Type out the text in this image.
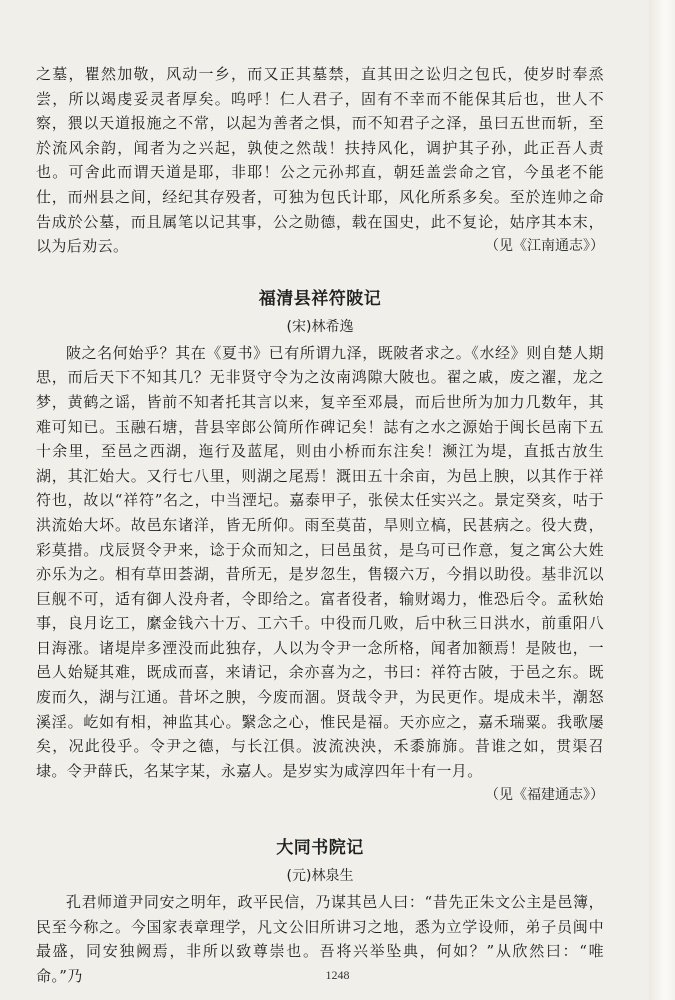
之墓，瞿然加敬，风动一乡，而又正其墓禁，直其田之讼归之包氏，使岁时奉烝尝，所以竭虔妥灵者厚矣。呜呼！仁人君子，固有不幸而不能保其后也，世人不察，猥以天道报施之不常，以起为善者之惧，而不知君子之泽，虽曰五世而斩，至於流风余韵，闻者为之兴起，孰使之然哉！扶持风化，调护其子孙，此正吾人责也。可舍此而谓天道是耶，非耶！公之元孙邦直，朝廷盖尝命之官，今虽老不能仕，而州县之间，经纪其存殁者，可独为包氏计耶，风化所系多矣。至於连帅之命告成於公墓，而且属笔以记其事，公之勋德，载在国史，此不复论，姑序其本末，以为后劝云。	（见《江南通志》）

福清县祥符陂记
(宋)林希逸

陂之名何始乎？其在《夏书》已有所谓九泽，既陂者求之。《水经》则自楚人期思，而后天下不知其几？无非贤守令为之汝南鸿隙大陂也。翟之戚，废之濯，龙之梦，黄鹤之谣，皆前不知者托其言以来，复辛至邓晨，而后世所为加力几数年，其难可知已。玉融石塘，昔县宰郎公简所作碑记矣！誌有之水之源始于闽长邑南下五十余里，至邑之西湖，迤行及蓝尾，则由小桥而东注矣！濒江为堤，直抵古放生湖，其汇始大。又行七八里，则湖之尾焉！溉田五十余亩，为邑上腴，以其作于祥符也，故以“祥符”名之，中当湮圮。嘉泰甲子，张侯太任实兴之。景定癸亥，咕于洪流始大坏。故邑东诸洋，皆无所仰。雨至莫苗，旱则立槁，民甚病之。役大费，彩莫措。戊辰贤令尹来，谂于众而知之，曰邑虽贫，是乌可已作意，复之寓公大姓亦乐为之。相有草田荟湖，昔所无，是岁忽生，售辍六万，今捐以助役。基非沉以巨舰不可，适有御人没舟者，令即给之。富者役者，输财竭力，惟恐后令。孟秋始事，良月讫工，縻金钱六十万、工六千。中役而几败，后中秋三日洪水，前重阳八日海涨。诸堤岸多湮没而此独存，人以为令尹一念所格，闻者加额焉！是陂也，一邑人始疑其难，既成而喜，来请记，余亦喜为之，书曰：祥符古陂，于邑之东。既废而久，湖与江通。昔坏之腴，今废而涸。贤哉令尹，为民更作。堤成未半，潮怒溪淫。屹如有相，神监其心。繄念之心，惟民是福。天亦应之，嘉禾瑞粟。我歌屡矣，况此役乎。令尹之德，与长江俱。波流泱泱，禾黍旆旆。昔谁之如，贯渠召埭。令尹薛氏，名某字某，永嘉人。是岁实为咸淳四年十有一月。

（见《福建通志》）

大同书院记
(元)林泉生

孔君师道尹同安之明年，政平民信，乃谋其邑人曰：“昔先正朱文公主是邑簿，民至今称之。今国家表章理学，凡文公旧所讲习之地，悉为立学设师，弟子员闽中最盛，同安独阙焉，非所以致尊崇也。吾将兴举坠典，何如？”从欣然曰：“唯命。”乃	1248
